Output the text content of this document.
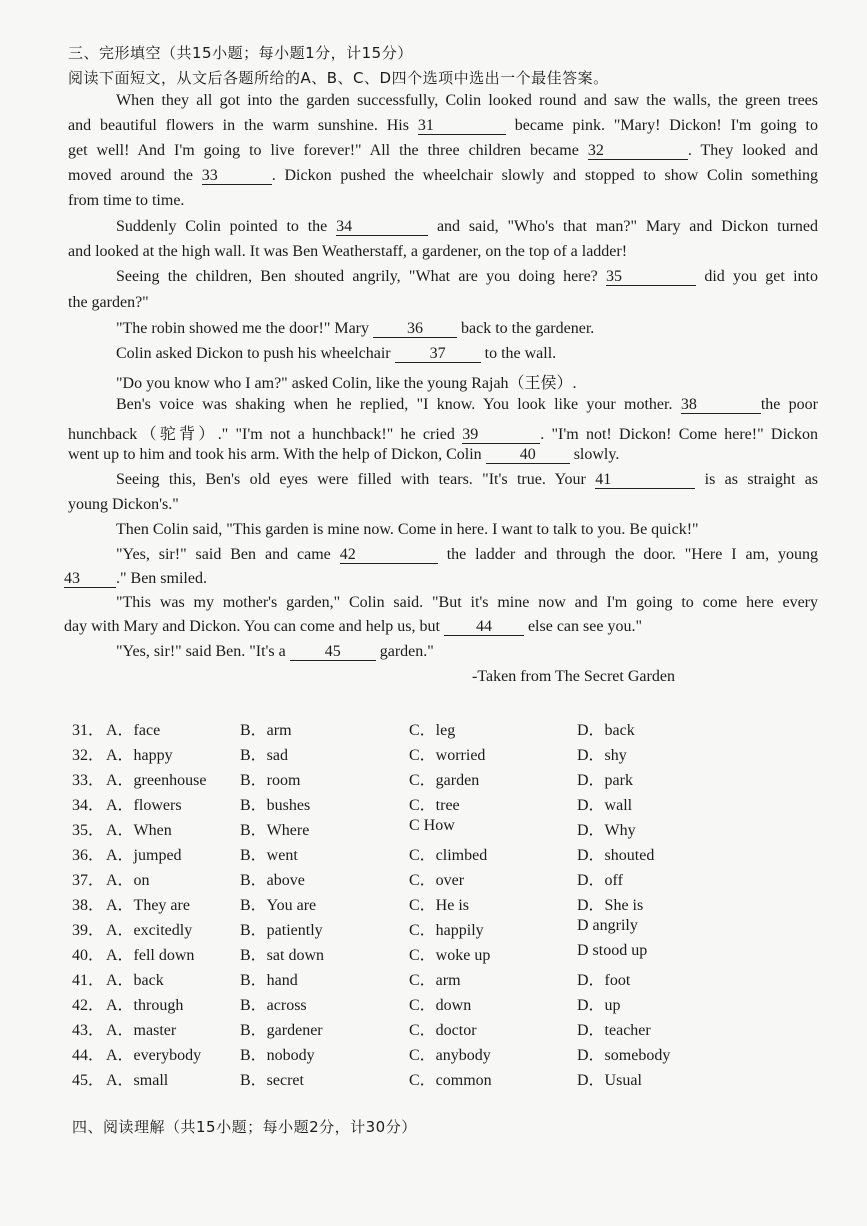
三、完形填空（共15小题；每小题1分，计15分）
阅读下面短文，从文后各题所给的A、B、C、D四个选项中选出一个最佳答案。
When they all got into the garden successfully, Colin looked round and saw the walls, the green trees
and beautiful flowers in the warm sunshine. His 31	became pink. "Mary! Dickon! I'm going to
get well! And I'm going to live forever!" All the three children became 32	. They looked and
moved around the 33	. Dickon pushed the wheelchair slowly and stopped to show Colin something
from time to time.
Suddenly Colin pointed to the 34	and said, "Who's that man?" Mary and Dickon turned
and looked at the high wall. It was Ben Weatherstaff, a gardener, on the top of a ladder!
Seeing the children, Ben shouted angrily, "What are you doing here? 35	did you get into
the garden?"
"The robin showed me the door!" Mary 36 back to the gardener.
Colin asked Dickon to push his wheelchair 37 to the wall.
"Do you know who I am?" asked Colin, like the young Rajah（王侯）.
Ben's voice was shaking when he replied, "I know. You look like your mother. 38	the poor
hunchback（驼背）." "I'm not a hunchback!" he cried 39	. "I'm not! Dickon! Come here!" Dickon
went up to him and took his arm. With the help of Dickon, Colin 40 slowly.
Seeing this, Ben's old eyes were filled with tears. "It's true. Your 41	is as straight as
young Dickon's."
Then Colin said, "This garden is mine now. Come in here. I want to talk to you. Be quick!"
"Yes, sir!" said Ben and came 42	the ladder and through the door. "Here I am, young
43 ." Ben smiled.
"This was my mother's garden," Colin said. "But it's mine now and I'm going to come here every
day with Mary and Dickon. You can come and help us, but 44 else can see you."
"Yes, sir!" said Ben. "It's a 45 garden."
-Taken from The Secret Garden
31． A．face	B．arm	C．leg	D．back
32． A．happy	B．sad	C．worried	D．shy
33． A．greenhouse B．room	C．garden	D．park
34． A．flowers	B．bushes	C．tree	D．wall
35． A．When	B．Where	C How	D．Why
36． A．jumped	B．went	C．climbed	D．shouted
37． A．on	B．above	C．over	D．off
38． A．They are	B．You are	C．He is	D．She is
39． A．excitedly	B．patiently	C．happily	D angrily
40． A．fell down	B．sat down	C．woke up	D stood up
41． A．back	B．hand	C．arm	D．foot
42． A．through	B．across	C．down	D．up
43． A．master	B．gardener	C．doctor	D．teacher
44． A．everybody B．nobody	C．anybody	D．somebody
45． A．small	B．secret	C．common	D．Usual
四、阅读理解（共15小题；每小题2分，计30分）
